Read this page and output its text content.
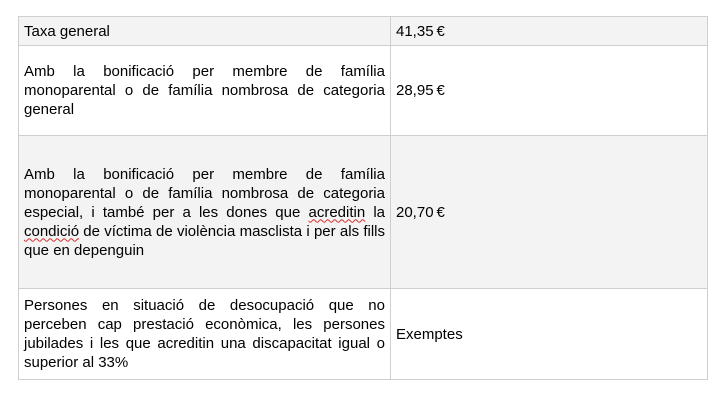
Taxa general	41,35 €
Amb la bonificació per membre de família monoparental o de família nombrosa de categoria general	28,95 €
Amb la bonificació per membre de família monoparental o de família nombrosa de categoria especial, i també per a les dones que acreditin la condició de víctima de violència masclista i per als fills que en depenguin	20,70 €
Persones en situació de desocupació que no perceben cap prestació econòmica, les persones jubilades i les que acreditin una discapacitat igual o superior al 33%	Exemptes
